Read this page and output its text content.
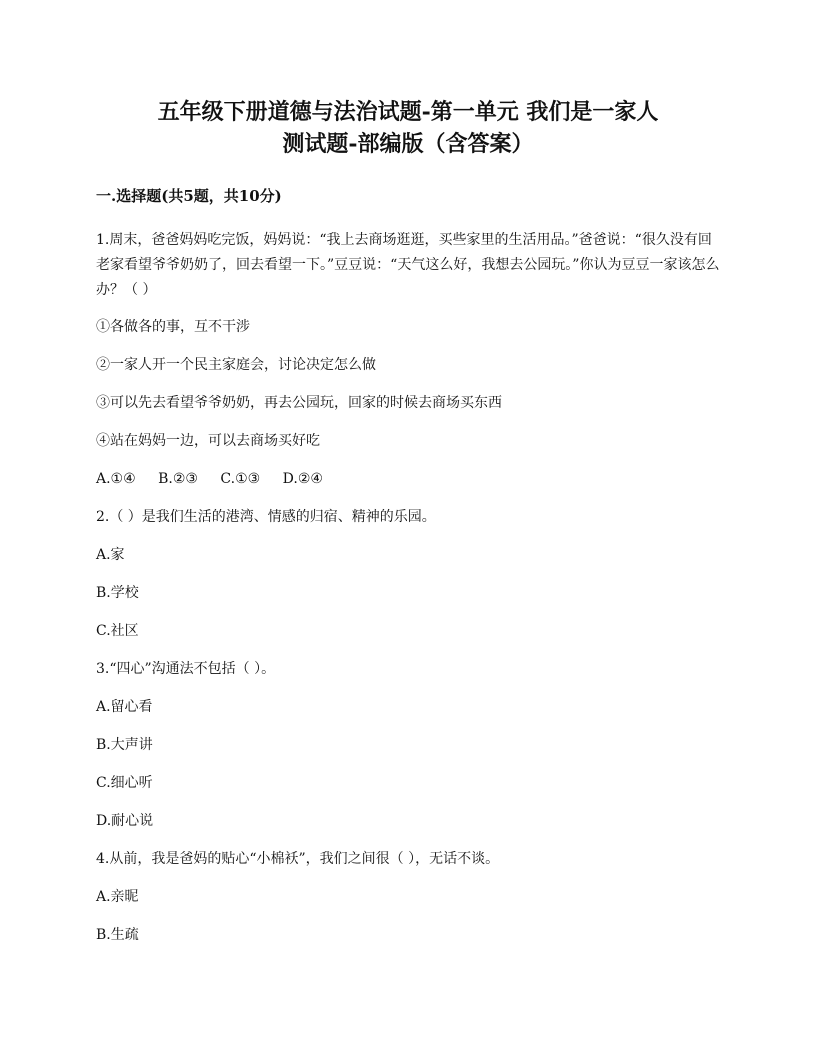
五年级下册道德与法治试题-第一单元 我们是一家人
测试题-部编版（含答案）
一.选择题(共5题，共10分)

1.周末，爸爸妈妈吃完饭，妈妈说：“我上去商场逛逛，买些家里的生活用品。”爸爸说：“很久没有回老家看望爷爷奶奶了，回去看望一下。”豆豆说：“天气这么好，我想去公园玩。”你认为豆豆一家该怎么办？（ ）

①各做各的事，互不干涉

②一家人开一个民主家庭会，讨论决定怎么做

③可以先去看望爷爷奶奶，再去公园玩，回家的时候去商场买东西

④站在妈妈一边，可以去商场买好吃

A.①④ B.②③ C.①③ D.②④

2.（ ）是我们生活的港湾、情感的归宿、精神的乐园。

A.家

B.学校

C.社区

3.“四心”沟通法不包括（ ）。

A.留心看

B.大声讲

C.细心听

D.耐心说

4.从前，我是爸妈的贴心“小棉袄”，我们之间很（ ），无话不谈。

A.亲昵

B.生疏
